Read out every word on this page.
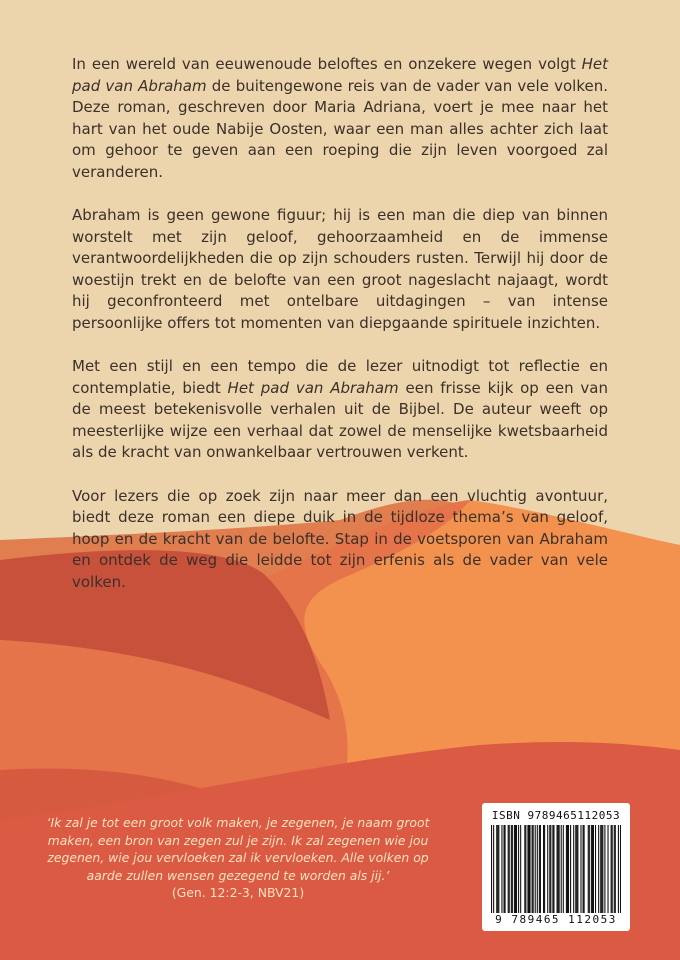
In een wereld van eeuwenoude beloftes en onzekere wegen volgt Het pad van Abraham de buitengewone reis van de vader van vele volken. Deze roman, geschreven door Maria Adriana, voert je mee naar het hart van het oude Nabije Oosten, waar een man alles achter zich laat om gehoor te geven aan een roeping die zijn leven voorgoed zal veranderen.

Abraham is geen gewone figuur; hij is een man die diep van binnen worstelt met zijn geloof, gehoorzaamheid en de immense verantwoordelijkheden die op zijn schouders rusten. Terwijl hij door de woestijn trekt en de belofte van een groot nageslacht najaagt, wordt hij geconfronteerd met ontelbare uitdagingen – van intense persoonlijke offers tot momenten van diepgaande spirituele inzichten.

Met een stijl en een tempo die de lezer uitnodigt tot reflectie en contemplatie, biedt Het pad van Abraham een frisse kijk op een van de meest betekenisvolle verhalen uit de Bijbel. De auteur weeft op meesterlijke wijze een verhaal dat zowel de menselijke kwetsbaarheid als de kracht van onwankelbaar vertrouwen verkent.

Voor lezers die op zoek zijn naar meer dan een vluchtig avontuur, biedt deze roman een diepe duik in de tijdloze thema’s van geloof, hoop en de kracht van de belofte. Stap in de voetsporen van Abraham en ontdek de weg die leidde tot zijn erfenis als de vader van vele volken.

‘Ik zal je tot een groot volk maken, je zegenen, je naam groot maken, een bron van zegen zul je zijn. Ik zal zegenen wie jou zegenen, wie jou vervloeken zal ik vervloeken. Alle volken op aarde zullen wensen gezegend te worden als jij.’
(Gen. 12:2-3, NBV21)
ISBN 9789465112053
9 789465 112053
